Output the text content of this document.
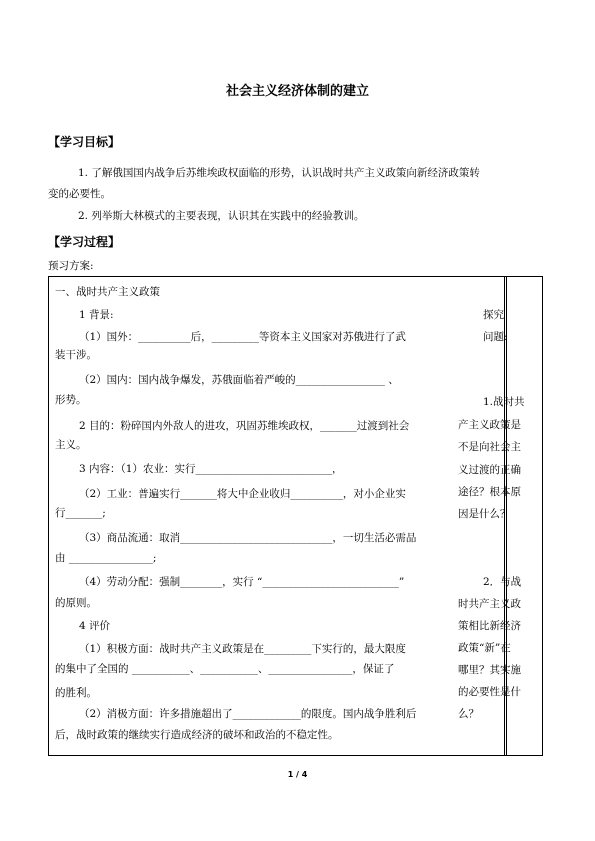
社会主义经济体制的建立
【学习目标】
1. 了解俄国国内战争后苏维埃政权面临的形势，认识战时共产主义政策向新经济政策转
变的必要性。
2. 列举斯大林模式的主要表现，认识其在实践中的经验教训。
【学习过程】
预习方案:
一、战时共产主义政策
1 背景:
（1）国外：__________后，_________等资本主义国家对苏俄进行了武
装干涉。
（2）国内：国内战争爆发，苏俄面临着严峻的_________________ 、
形势。
2 目的：粉碎国内外敌人的进攻，巩固苏维埃政权，_______过渡到社会
主义。
3 内容：（1）农业：实行__________________________，
（2）工业：普遍实行_______将大中企业收归__________，对小企业实
行_______;
（3）商品流通：取消_____________________________，一切生活必需品
由 ________________;
（4）劳动分配：强制________，实行 “__________________________”
的原则。
4 评价
（1）积极方面：战时共产主义政策是在_________下实行的，最大限度
的集中了全国的 ___________、___________、________________，保证了
的胜利。
（2）消极方面：许多措施超出了_____________的限度。国内战争胜利后
后，战时政策的继续实行造成经济的破坏和政治的不稳定性。
探究
问题:
1.战时共
产主义政策是
不是向社会主
义过渡的正确
途径？根本原
因是什么？
2．与战
时共产主义政
策相比新经济
政策“新”在
哪里？其实施
的必要性是什
么？
1 / 4
